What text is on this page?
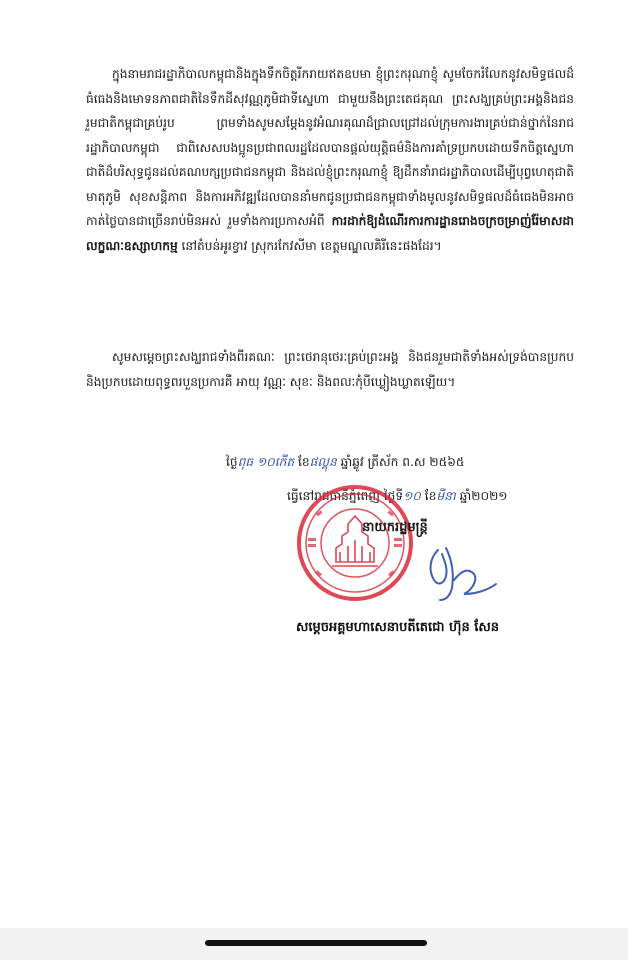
ក្នុងនាមរាជរដ្ឋាភិបាលកម្ពុជានិងក្នុងទឹកចិត្តរីករាយឥតឧបមា ខ្ញុំព្រះករុណាខ្ញុំ សូមចែករំលែកនូវសមិទ្ធផលដ៏ធំធេងនិងមោទនភាពជាតិនៃទឹកដីសុវណ្ណភូមិជាទីស្នេហា ជាមួយនឹងព្រះតេជគុណ ព្រះសង្ឃគ្រប់ព្រះអង្គនិងជនរួមជាតិកម្ពុជាគ្រប់រូប ព្រមទាំងសូមសម្តែងនូវអំណរគុណដ៏ជ្រាលជ្រៅដល់ក្រុមការងារគ្រប់ជាន់ថ្នាក់នៃរាជរដ្ឋាភិបាលកម្ពុជា ជាពិសេសបងប្អូនប្រជាពលរដ្ឋដែលបានផ្តល់យុត្តិធម៌និងការគាំទ្រប្រកបដោយទឹកចិត្តស្នេហាជាតិដ៏បរិសុទ្ធជូនដល់គណបក្សប្រជាជនកម្ពុជា និងដល់ខ្ញុំព្រះករុណាខ្ញុំ ឱ្យដឹកនាំរាជរដ្ឋាភិបាលដើម្បីបុព្វហេតុជាតិ មាតុភូមិ សុខសន្តិភាព និងការអភិវឌ្ឍដែលបាននាំមកជូនប្រជាជនកម្ពុជាទាំងមូលនូវសមិទ្ធផលដ៏ធំធេងមិនអាចកាត់ថ្លៃបានជាច្រើនរាប់មិនអស់ រួមទាំងការប្រកាសអំពី ការដាក់ឱ្យដំណើរការការដ្ឋានរោងចក្រចម្រាញ់រ៉ែមាសដាលក្ខណៈឧស្សាហកម្ម នៅតំបន់អូរខ្វាវ ស្រុករកែវសីមា ខេត្តមណ្ឌលគិរីនេះផងដែរ។
សូមសម្តេចព្រះសង្ឃរាជទាំងពីរគណៈ ព្រះថេរានុថេរៈគ្រប់ព្រះអង្គ និងជនរួមជាតិទាំងអស់ទ្រង់បានប្រកប និងប្រកបដោយពុទ្ធពរបួនប្រការគឺ អាយុ វណ្ណៈ សុខៈ និងពលៈកុំបីឃ្លៀងឃ្លាតឡើយ។
ថ្ងៃពុធ ១០កើត ខែផល្គុន ឆ្នាំឆ្លូវ ត្រីស័ក ព.ស ២៥៦៥
ធ្វើនៅរាជធានីភ្នំពេញ ថ្ងៃទី១០ ខែមីនា ឆ្នាំ២០២១
នាយករដ្ឋមន្ត្រី
សម្តេចអគ្គមហាសេនាបតីតេជោ ហ៊ុន សែន
